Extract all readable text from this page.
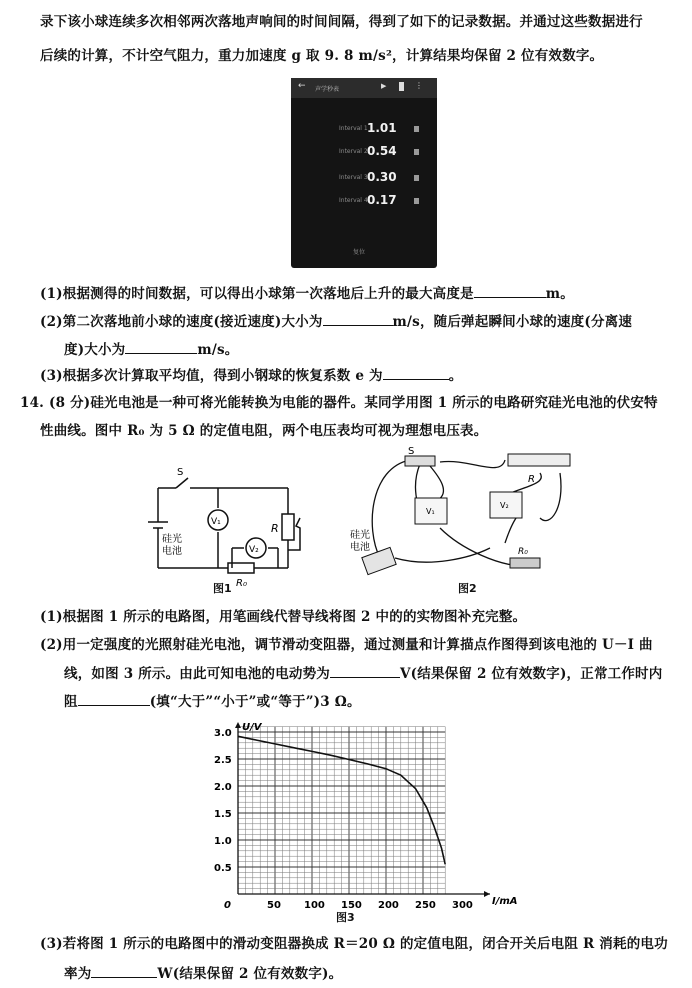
录下该小球连续多次相邻两次落地声响间的时间间隔，得到了如下的记录数据。并通过这些数据进行
后续的计算，不计空气阻力，重力加速度 g 取 9. 8 m/s²，计算结果均保留 2 位有效数字。
← 声学秒表	▶	⋮
Interval 1 1.01
Interval 2 0.54
Interval 3 0.30
Interval 4 0.17
复位
(1)根据测得的时间数据，可以得出小球第一次落地后上升的最大高度是	m。
(2)第二次落地前小球的速度(接近速度)大小为	m/s，随后弹起瞬间小球的速度(分离速
度)大小为	m/s。
(3)根据多次计算取平均值，得到小钢球的恢复系数 e 为	。
14. (8 分)硅光电池是一种可将光能转换为电能的器件。某同学用图 1 所示的电路研究硅光电池的伏安特
性曲线。图中 R₀ 为 5 Ω 的定值电阻，两个电压表均可视为理想电压表。
V₁
V₂
S
R
R₀
硅光
电池
图1
S
R
R₀
V₁
V₂
硅光
电池
图2
(1)根据图 1 所示的电路图，用笔画线代替导线将图 2 中的的实物图补充完整。
(2)用一定强度的光照射硅光电池，调节滑动变阻器，通过测量和计算描点作图得到该电池的 U－I 曲
线，如图 3 所示。由此可知电池的电动势为	V(结果保留 2 位有效数字)，正常工作时内
阻	(填“大于”“小于”或“等于”)3 Ω。
0	50 100 150 200 250 300
0.5
1.0
1.5
2.0
2.5
3.0
I/mA
U/V
图3
(3)若将图 1 所示的电路图中的滑动变阻器换成 R＝20 Ω 的定值电阻，闭合开关后电阻 R 消耗的电功
率为	W(结果保留 2 位有效数字)。
